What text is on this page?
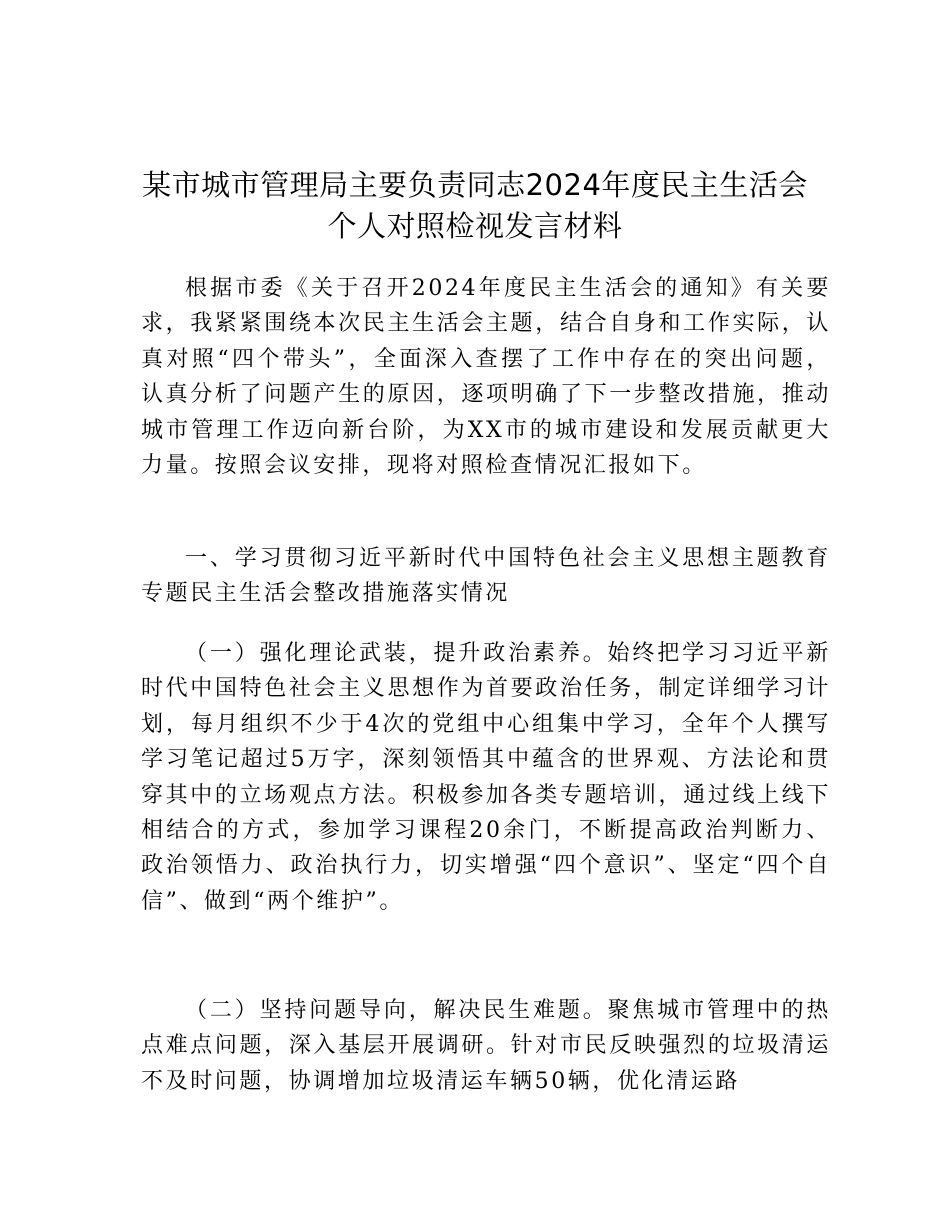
某市城市管理局主要负责同志2024年度民主生活会个人对照检视发言材料
根据市委《关于召开2024年度民主生活会的通知》有关要求，我紧紧围绕本次民主生活会主题，结合自身和工作实际，认真对照“四个带头”，全面深入查摆了工作中存在的突出问题，认真分析了问题产生的原因，逐项明确了下一步整改措施，推动城市管理工作迈向新台阶，为XX市的城市建设和发展贡献更大力量。按照会议安排，现将对照检查情况汇报如下。
一、学习贯彻习近平新时代中国特色社会主义思想主题教育专题民主生活会整改措施落实情况
（一）强化理论武装，提升政治素养。始终把学习习近平新时代中国特色社会主义思想作为首要政治任务，制定详细学习计划，每月组织不少于4次的党组中心组集中学习，全年个人撰写学习笔记超过5万字，深刻领悟其中蕴含的世界观、方法论和贯穿其中的立场观点方法。积极参加各类专题培训，通过线上线下相结合的方式，参加学习课程20余门，不断提高政治判断力、政治领悟力、政治执行力，切实增强“四个意识”、坚定“四个自信”、做到“两个维护”。
（二）坚持问题导向，解决民生难题。聚焦城市管理中的热点难点问题，深入基层开展调研。针对市民反映强烈的垃圾清运不及时问题，协调增加垃圾清运车辆50辆，优化清运路
